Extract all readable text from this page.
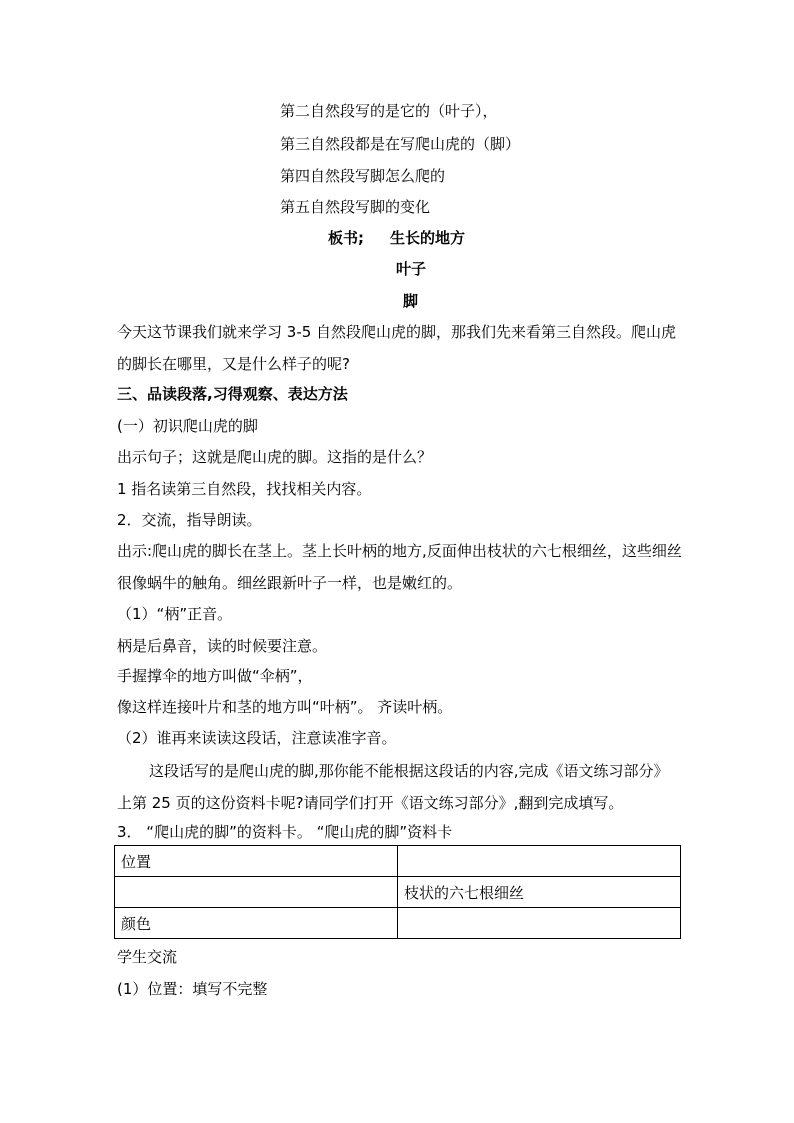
第二自然段写的是它的（叶子），
第三自然段都是在写爬山虎的（脚）
第四自然段写脚怎么爬的
第五自然段写脚的变化
板书; 生长的地方
叶子
脚
今天这节课我们就来学习 3-5 自然段爬山虎的脚，那我们先来看第三自然段。爬山虎的脚长在哪里，又是什么样子的呢?
三、品读段落,习得观察、表达方法
(一）初识爬山虎的脚
出示句子；这就是爬山虎的脚。这指的是什么？
1 指名读第三自然段，找找相关内容。
2．交流，指导朗读。
出示:爬山虎的脚长在茎上。茎上长叶柄的地方,反面伸出枝状的六七根细丝，这些细丝很像蜗牛的触角。细丝跟新叶子一样，也是嫩红的。
（1）“柄”正音。
柄是后鼻音，读的时候要注意。
手握撑伞的地方叫做“伞柄”，
像这样连接叶片和茎的地方叫“叶柄”。 齐读叶柄。
（2）谁再来读读这段话，注意读准字音。
这段话写的是爬山虎的脚,那你能不能根据这段话的内容,完成《语文练习部分》上第 25 页的这份资料卡呢?请同学们打开《语文练习部分》,翻到完成填写。
3． “爬山虎的脚”的资料卡。 “爬山虎的脚”资料卡
位置	
	枝状的六七根细丝
颜色	
学生交流
(1）位置：填写不完整
